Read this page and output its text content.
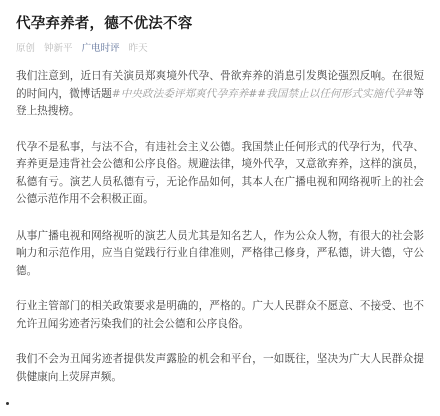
代孕弃养者，德不优法不容
原创 钟新平 广电时评 昨天

我们注意到，近日有关演员郑爽境外代孕、骨欲弃养的消息引发舆论强烈反响。在很短的时间内，微博话题#中央政法委评郑爽代孕弃养##我国禁止以任何形式实施代孕#等登上热搜榜。

代孕不是私事，与法不合，有违社会主义公德。我国禁止任何形式的代孕行为，代孕、弃养更是违背社会公德和公序良俗。规避法律，境外代孕，又意欲弃养，这样的演员，私德有亏。演艺人员私德有亏，无论作品如何，其本人在广播电视和网络视听上的社会公德示范作用不会积极正面。

从事广播电视和网络视听的演艺人员尤其是知名艺人，作为公众人物，有很大的社会影响力和示范作用，应当自觉践行行业自律准则，严格律己修身，严私德，讲大德，守公德。

行业主管部门的相关政策要求是明确的，严格的。广大人民群众不愿意、不接受、也不允许丑闻劣迹者污染我们的社会公德和公序良俗。

我们不会为丑闻劣迹者提供发声露脸的机会和平台，一如既往，坚决为广大人民群众提供健康向上荧屏声频。
